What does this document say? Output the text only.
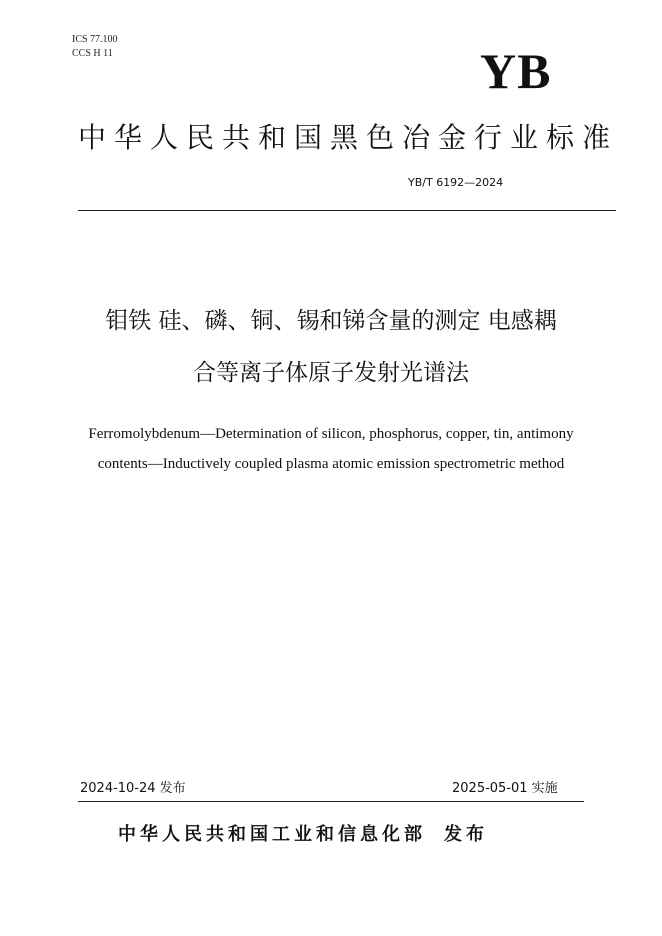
ICS 77.100
CCS H 11	YB
中华人民共和国黑色冶金行业标准
YB/T 6192—2024
钼铁 硅、磷、铜、锡和锑含量的测定 电感耦
合等离子体原子发射光谱法
Ferromolybdenum—Determination of silicon, phosphorus, copper, tin, antimony
contents—Inductively coupled plasma atomic emission spectrometric method
2024-10-24 发布	2025-05-01 实施
中华人民共和国工业和信息化部 发布
